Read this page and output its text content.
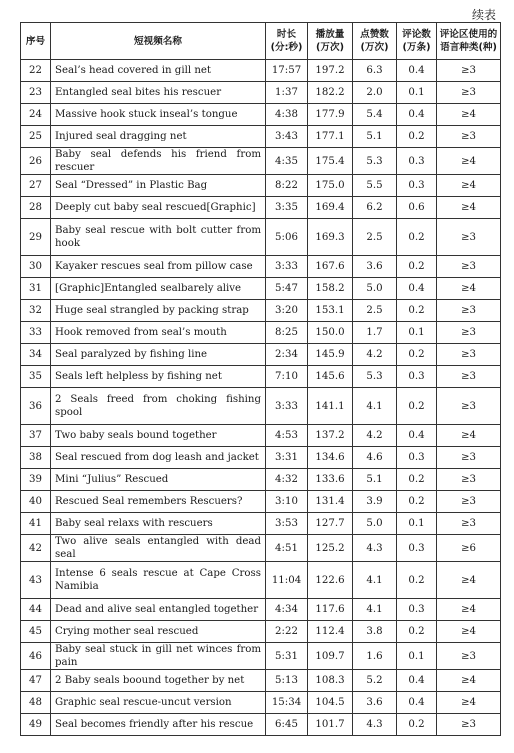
续表
序号	短视频名称	时长 (分:秒)	播放量 (万次)	点赞数 (万次)	评论数 (万条)	评论区使用的语言种类(种)
22	Seal’s head covered in gill net	17:57	197.2	6.3	0.4	≥3
23	Entangled seal bites his rescuer	1:37	182.2	2.0	0.1	≥3
24	Massive hook stuck inseal’s tongue	4:38	177.9	5.4	0.4	≥4
25	Injured seal dragging net	3:43	177.1	5.1	0.2	≥3
26	Baby seal defends his friend from rescuer	4:35	175.4	5.3	0.3	≥4
27	Seal “Dressed” in Plastic Bag	8:22	175.0	5.5	0.3	≥4
28	Deeply cut baby seal rescued[Graphic]	3:35	169.4	6.2	0.6	≥4
29	Baby seal rescue with bolt cutter from hook	5:06	169.3	2.5	0.2	≥3
30	Kayaker rescues seal from pillow case	3:33	167.6	3.6	0.2	≥3
31	[Graphic]Entangled sealbarely alive	5:47	158.2	5.0	0.4	≥4
32	Huge seal strangled by packing strap	3:20	153.1	2.5	0.2	≥3
33	Hook removed from seal’s mouth	8:25	150.0	1.7	0.1	≥3
34	Seal paralyzed by fishing line	2:34	145.9	4.2	0.2	≥3
35	Seals left helpless by fishing net	7:10	145.6	5.3	0.3	≥3
36	2 Seals freed from choking fishing spool	3:33	141.1	4.1	0.2	≥3
37	Two baby seals bound together	4:53	137.2	4.2	0.4	≥4
38	Seal rescued from dog leash and jacket	3:31	134.6	4.6	0.3	≥3
39	Mini “Julius” Rescued	4:32	133.6	5.1	0.2	≥3
40	Rescued Seal remembers Rescuers?	3:10	131.4	3.9	0.2	≥3
41	Baby seal relaxs with rescuers	3:53	127.7	5.0	0.1	≥3
42	Two alive seals entangled with dead seal	4:51	125.2	4.3	0.3	≥6
43	Intense 6 seals rescue at Cape Cross Namibia	11:04	122.6	4.1	0.2	≥4
44	Dead and alive seal entangled together	4:34	117.6	4.1	0.3	≥4
45	Crying mother seal rescued	2:22	112.4	3.8	0.2	≥4
46	Baby seal stuck in gill net winces from pain	5:31	109.7	1.6	0.1	≥3
47	2 Baby seals boound together by net	5:13	108.3	5.2	0.4	≥4
48	Graphic seal rescue-uncut version	15:34	104.5	3.6	0.4	≥4
49	Seal becomes friendly after his rescue	6:45	101.7	4.3	0.2	≥3
